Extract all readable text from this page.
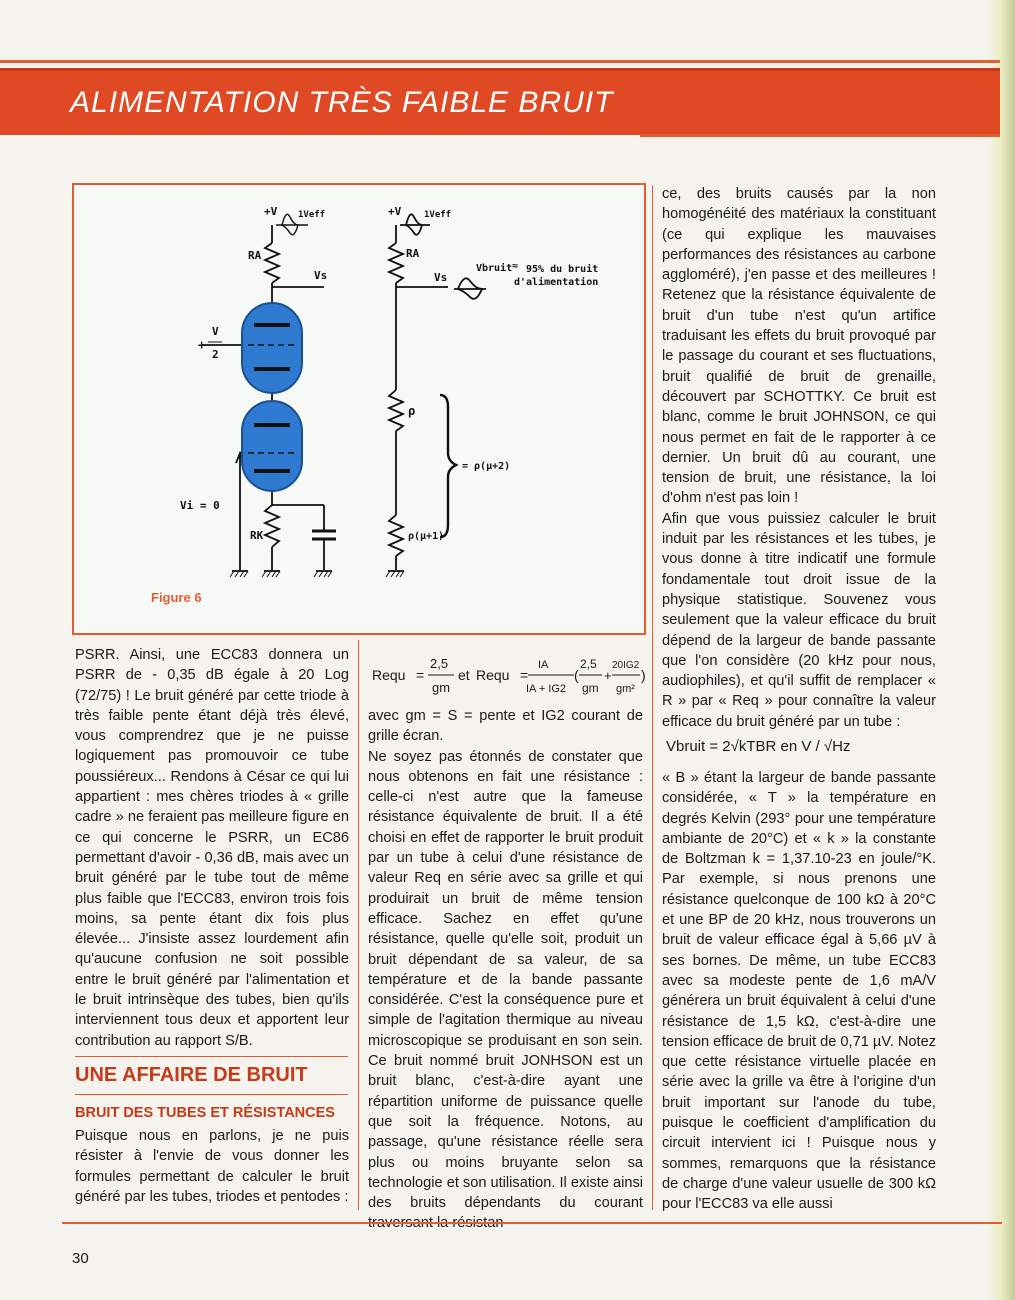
ALIMENTATION TRÈS FAIBLE BRUIT
+V 1Veff
RA
Vs
V
+
2
Vi = 0
RK
+V	1Veff
RA
Vs
Vbruit ≈ 95% du bruit
d'alimentation
ρ
ρ(μ+1)
= ρ(μ+2)
Figure 6

PSRR. Ainsi, une ECC83 donnera un PSRR de - 0,35 dB égale à 20 Log (72/75) ! Le bruit généré par cette triode à très faible pente étant déjà très élevé, vous comprendrez que je ne puisse logiquement pas promouvoir ce tube poussiéreux... Rendons à César ce qui lui appartient : mes chères triodes à « grille cadre » ne feraient pas meilleure figure en ce qui concerne le PSRR, un EC86 permettant d'avoir - 0,36 dB, mais avec un bruit généré par le tube tout de même plus faible que l'ECC83, environ trois fois moins, sa pente étant dix fois plus élevée... J'insiste assez lourdement afin qu'aucune confusion ne soit possible entre le bruit généré par l'alimentation et le bruit intrinsèque des tubes, bien qu'ils interviennent tous deux et apportent leur contribution au rapport S/B.

UNE AFFAIRE DE BRUIT
BRUIT DES TUBES ET RÉSISTANCES

Puisque nous en parlons, je ne puis résister à l'envie de vous donner les formules permettant de calculer le bruit généré par les tubes, triodes et pentodes :

Requ =
2,5
gm
et Requ =
IA
IA + IG2
(
2,5
gm
+
20IG2
gm²
)

avec gm = S = pente et IG2 courant de grille écran.

Ne soyez pas étonnés de constater que nous obtenons en fait une résistance : celle-ci n'est autre que la fameuse résistance équivalente de bruit. Il a été choisi en effet de rapporter le bruit produit par un tube à celui d'une résistance de valeur Req en série avec sa grille et qui produirait un bruit de même tension efficace. Sachez en effet qu'une résistance, quelle qu'elle soit, produit un bruit dépendant de sa valeur, de sa température et de la bande passante considérée. C'est la conséquence pure et simple de l'agitation thermique au niveau microscopique se produisant en son sein. Ce bruit nommé bruit JONHSON est un bruit blanc, c'est-à-dire ayant une répartition uniforme de puissance quelle que soit la fréquence. Notons, au passage, qu'une résistance réelle sera plus ou moins bruyante selon sa technologie et son utilisation. Il existe ainsi des bruits dépendants du courant

ce, des bruits causés par la non homogénéité des matériaux la constituant (ce qui explique les mauvaises performances des résistances au carbone aggloméré), j'en passe et des meilleures ! Retenez que la résistance équivalente de bruit d'un tube n'est qu'un artifice traduisant les effets du bruit provoqué par le passage du courant et ses fluctuations, bruit qualifié de bruit de grenaille, découvert par SCHOTTKY. Ce bruit est blanc, comme le bruit JOHNSON, ce qui nous permet en fait de le rapporter à ce dernier. Un bruit dû au courant, une tension de bruit, une résistance, la loi d'ohm n'est pas loin !

Afin que vous puissiez calculer le bruit induit par les résistances et les tubes, je vous donne à titre indicatif une formule fondamentale tout droit issue de la physique statistique. Souvenez vous seulement que la valeur efficace du bruit dépend de la largeur de bande passante que l'on considère (20 kHz pour nous, audiophiles), et qu'il suffit de remplacer « R » par « Req » pour connaître la valeur efficace du bruit généré par un tube :

Vbruit = 2√kTBR en V / √Hz

« B » étant la largeur de bande passante considérée, « T » la température en degrés Kelvin (293° pour une température ambiante de 20°C) et « k » la constante de Boltzman k = 1,37.10-23 en joule/°K. Par exemple, si nous prenons une résistance quelconque de 100 kΩ à 20°C et une BP de 20 kHz, nous trouverons un bruit de valeur efficace égal à 5,66 µV à ses bornes. De même, un tube ECC83 avec sa modeste pente de 1,6 mA/V générera un bruit équivalent à celui d'une résistance de 1,5 kΩ, c'est-à-dire une tension efficace de bruit de 0,71 µV. Notez que cette résistance virtuelle placée en série avec la grille va être à l'origine d'un bruit important sur l'anode du tube, puisque le coefficient d'amplification du circuit intervient ici ! Puisque nous y sommes, remarquons que la résistance de charge d'une valeur usuelle de 300 kΩ pour l'ECC83 va elle aussi

30
